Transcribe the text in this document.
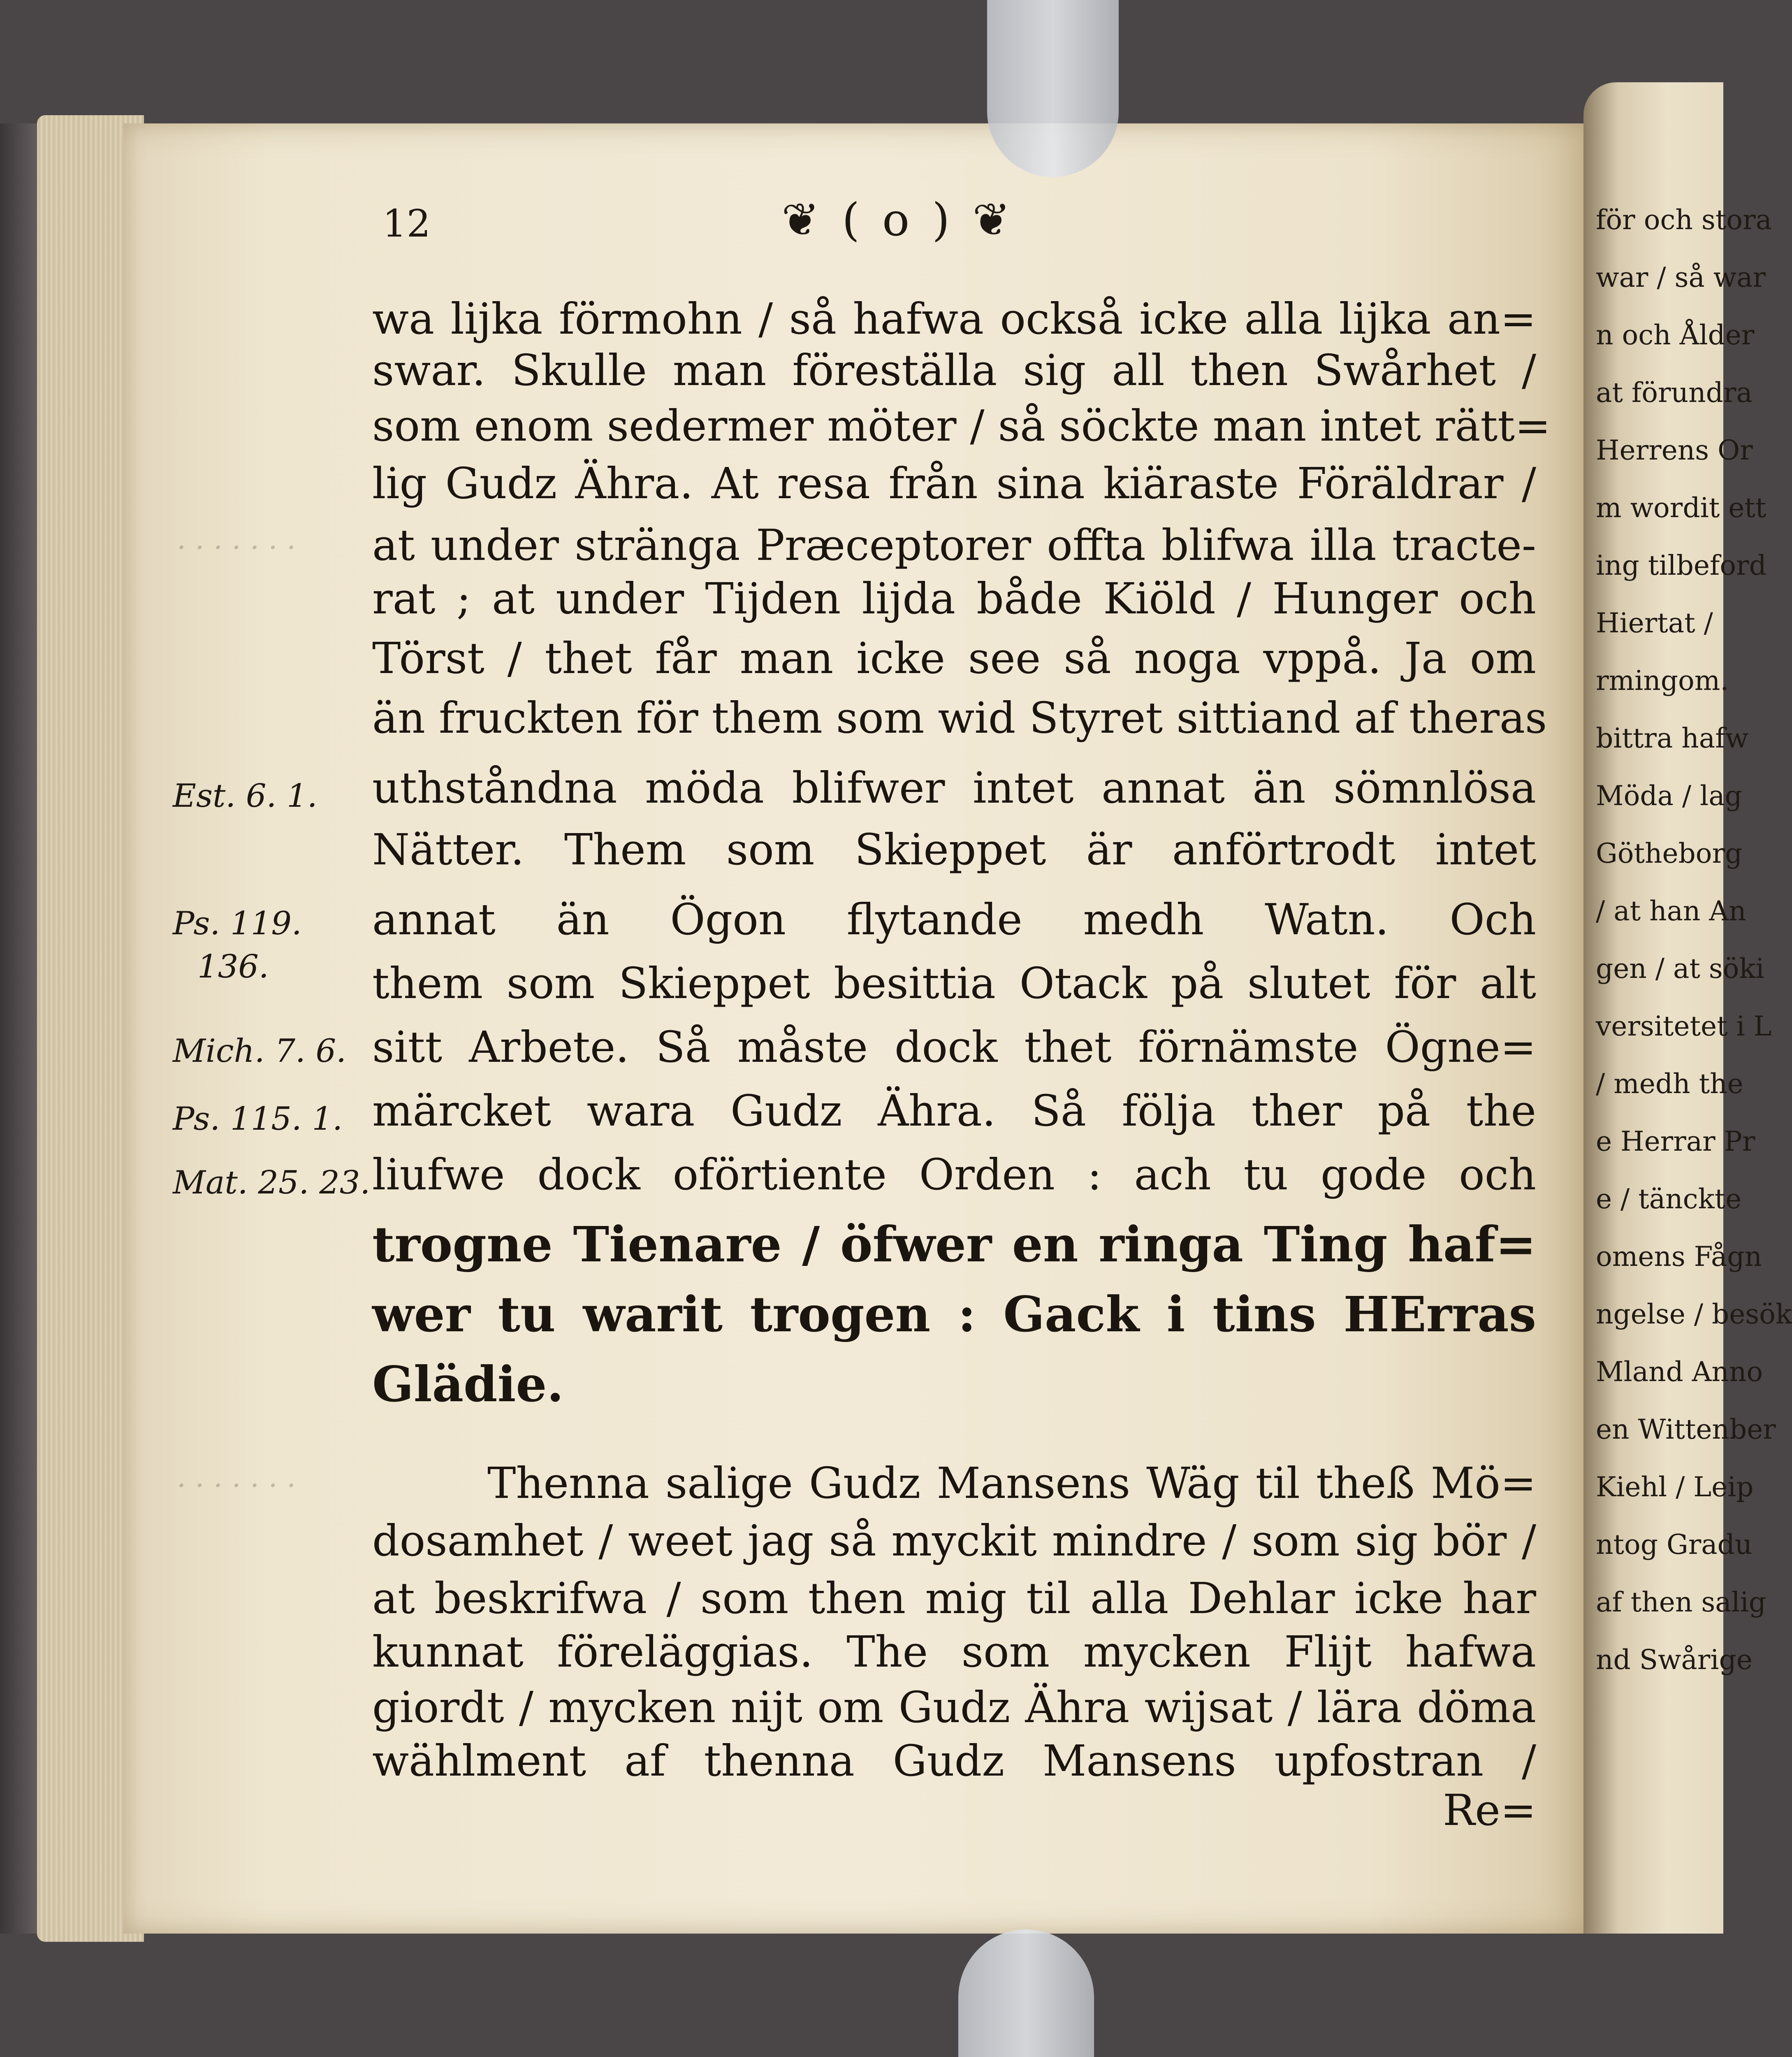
för och stora
war / så war
n och Ålder
at förundra
Herrens Or
m wordit ett
ing tilbeford
Hiertat /
rmingom.
bittra hafw
Möda / lag
Götheborg
/ at han An
gen / at söki
versitetet i L
/ medh the
e Herrar Pr
e / tänckte
omens Fågn
ngelse / besök
Mland Anno
en Wittenber
Kiehl / Leip
ntog Gradu
af then salig
nd Swårige
12	❦ ( o ) ❦
· · · · · · ·
· · · · · · ·
Est. 6. 1.
Ps. 119.
136.
Mich. 7. 6.
Ps. 115. 1.
Mat. 25. 23.
wa lijka förmohn / så hafwa också icke alla lijka an=
swar. Skulle man föreställa sig all then Swårhet /
som enom sedermer möter / så söckte man intet rätt=
lig Gudz Ähra. At resa från sina kiäraste Föräldrar /
at under stränga Præceptorer offta blifwa illa tracte-
rat ; at under Tijden lijda både Kiöld / Hunger och
Törst / thet får man icke see så noga vppå. Ja om
än fruckten för them som wid Styret sittiand af theras
uthståndna möda blifwer intet annat än sömnlösa
Nätter. Them som Skieppet är anförtrodt intet
annat än Ögon flytande medh Watn. Och
them som Skieppet besittia Otack på slutet för alt
sitt Arbete. Så måste dock thet förnämste Ögne=
märcket wara Gudz Ähra. Så följa ther på the
liufwe dock oförtiente Orden : ach tu gode och
trogne Tienare / öfwer en ringa Ting haf=
wer tu warit trogen : Gack i tins HErras
Glädie.
Thenna salige Gudz Mansens Wäg til theß Mö=
dosamhet / weet jag så myckit mindre / som sig bör /
at beskrifwa / som then mig til alla Dehlar icke har
kunnat föreläggias. The som mycken Flijt hafwa
giordt / mycken nijt om Gudz Ähra wijsat / lära döma
wählment af thenna Gudz Mansens upfostran /
Re=
